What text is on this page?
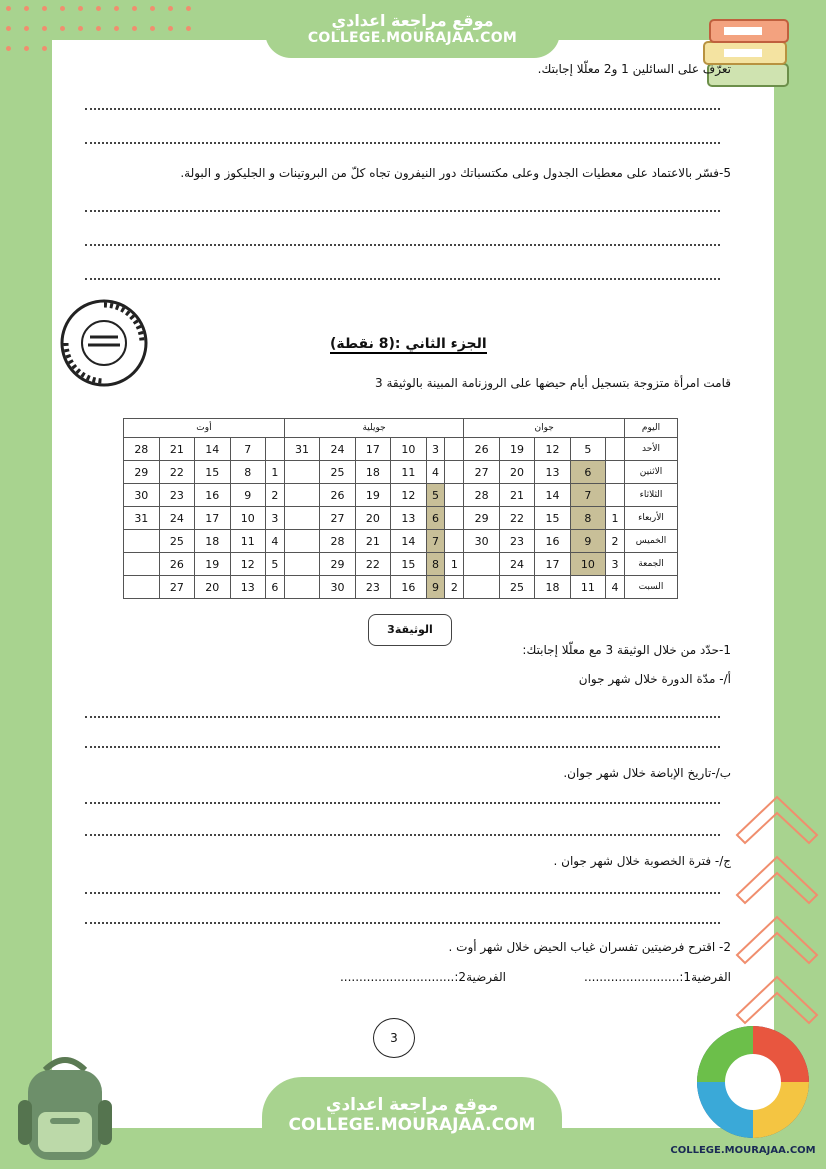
موقع مراجعة اعدادي
COLLEGE.MOURAJAA.COM
تعرّف على السائلين 1 و2 معلّلا إجابتك.
5-فسّر بالاعتماد على معطيات الجدول وعلى مكتسباتك دور النيفرون تجاه كلّ من البروتينات و الجليكوز و البولة.
الجزء الثاني :(8 نقطة)
قامت امرأة متزوجة بتسجيل أيام حيضها على الروزنامة المبينة بالوثيقة 3
اليوم	جوان					جويلية						أوت				
الأحد		5	12	19	26		3	10	17	24	31		7	14	21	28
الاثنين		6	13	20	27		4	11	18	25		1	8	15	22	29
الثلاثاء		7	14	21	28		5	12	19	26		2	9	16	23	30
الأربعاء	1	8	15	22	29		6	13	20	27		3	10	17	24	31
الخميس	2	9	16	23	30		7	14	21	28		4	11	18	25	
الجمعة	3	10	17	24		1	8	15	22	29		5	12	19	26	
السبت	4	11	18	25		2	9	16	23	30		6	13	20	27	
الوثيقة3
1-حدّد من خلال الوثيقة 3 مع معلّلا إجابتك:
أ/- مدّة الدورة خلال شهر جوان
ب/-تاريخ الإباضة خلال شهر جوان.
ج/- فترة الخصوبة خلال شهر جوان .
2- اقترح فرضيتين تفسران غياب الحيض خلال شهر أوت .
الفرضية1:.........................
الفرضية2:..............................
3
موقع مراجعة اعدادي
COLLEGE.MOURAJAA.COM
COLLEGE.MOURAJAA.COM
